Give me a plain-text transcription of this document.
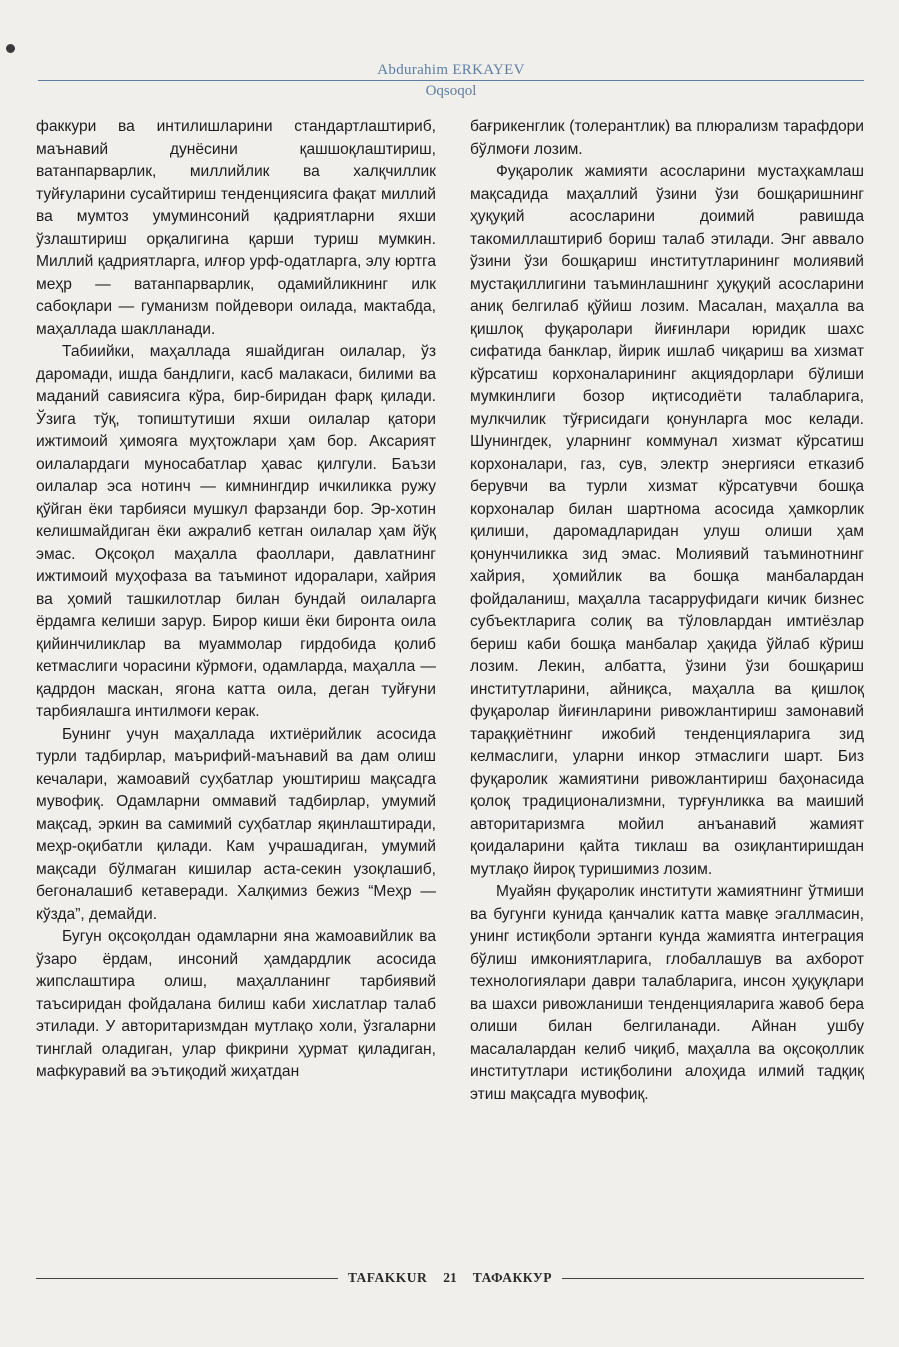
Abdurahim ERKAYEV
Oqsoqol

факкури ва интилишларини стандартлаштириб, маънавий дунёсини қашшоқлаштириш, ватанпарварлик, миллийлик ва халқчиллик туйғуларини сусайтириш тенденциясига фақат миллий ва мумтоз умуминсоний қадриятларни яхши ўзлаштириш орқалигина қарши туриш мумкин. Миллий қадриятларга, илғор урф-одатларга, элу юртга меҳр — ватанпарварлик, одамийликнинг илк сабоқлари — гуманизм пойдевори оилада, мактабда, маҳаллада шаклланади.

Табиийки, маҳаллада яшайдиган оилалар, ўз даромади, ишда бандлиги, касб малакаси, билими ва маданий савиясига кўра, бир-биридан фарқ қилади. Ўзига тўқ, топиштутиши яхши оилалар қатори ижтимоий ҳимояга муҳтожлари ҳам бор. Аксарият оилалардаги муносабатлар ҳавас қилгули. Баъзи оилалар эса нотинч — кимнингдир ичкиликка ружу қўйган ёки тарбияси мушкул фарзанди бор. Эр-хотин келишмайдиган ёки ажралиб кетган оилалар ҳам йўқ эмас. Оқсоқол маҳалла фаоллари, давлатнинг ижтимоий муҳофаза ва таъминот идоралари, хайрия ва ҳомий ташкилотлар билан бундай оилаларга ёрдамга келиши зарур. Бирор киши ёки биронта оила қийинчиликлар ва муаммолар гирдобида қолиб кетмаслиги чорасини кўрмоғи, одамларда, маҳалла — қадрдон маскан, ягона катта оила, деган туйғуни тарбиялашга интилмоғи керак.

Бунинг учун маҳаллада ихтиёрийлик асосида турли тадбирлар, маърифий-маънавий ва дам олиш кечалари, жамоавий суҳбатлар уюштириш мақсадга мувофиқ. Одамларни оммавий тадбирлар, умумий мақсад, эркин ва самимий суҳбатлар яқинлаштиради, меҳр-оқибатли қилади. Кам учрашадиган, умумий мақсади бўлмаган кишилар аста-секин узоқлашиб, бегоналашиб кетаверади. Халқимиз бежиз “Меҳр — кўзда”, демайди.

Бугун оқсоқолдан одамларни яна жамоавийлик ва ўзаро ёрдам, инсоний ҳамдардлик асосида жипслаштира олиш, маҳалланинг тарбиявий таъсиридан фойдалана билиш каби хислатлар талаб этилади. У авторитаризмдан мутлақо холи, ўзгаларни тинглай оладиган, улар фикрини ҳурмат қиладиган, мафкуравий ва эътиқодий жиҳатдан

бағрикенглик (толерантлик) ва плюрализм тарафдори бўлмоғи лозим.

Фуқаролик жамияти асосларини мустаҳкамлаш мақсадида маҳаллий ўзини ўзи бошқаришнинг ҳуқуқий асосларини доимий равишда такомиллаштириб бориш талаб этилади. Энг аввало ўзини ўзи бошқариш институтларининг молиявий мустақиллигини таъминлашнинг ҳуқуқий асосларини аниқ белгилаб қўйиш лозим. Масалан, маҳалла ва қишлоқ фуқаролари йиғинлари юридик шахс сифатида банклар, йирик ишлаб чиқариш ва хизмат кўрсатиш корхоналарининг акциядорлари бўлиши мумкинлиги бозор иқтисодиёти талабларига, мулкчилик тўғрисидаги қонунларга мос келади. Шунингдек, уларнинг коммунал хизмат кўрсатиш корхоналари, газ, сув, электр энергияси етказиб берувчи ва турли хизмат кўрсатувчи бошқа корхоналар билан шартнома асосида ҳамкорлик қилиши, даромадларидан улуш олиши ҳам қонунчиликка зид эмас. Молиявий таъминотнинг хайрия, ҳомийлик ва бошқа манбалардан фойдаланиш, маҳалла тасарруфидаги кичик бизнес субъектларига солиқ ва тўловлардан имтиёзлар бериш каби бошқа манбалар ҳақида ўйлаб кўриш лозим. Лекин, албатта, ўзини ўзи бошқариш институтларини, айниқса, маҳалла ва қишлоқ фуқаролар йиғинларини ривожлантириш замонавий тараққиётнинг ижобий тенденцияларига зид келмаслиги, уларни инкор этмаслиги шарт. Биз фуқаролик жамиятини ривожлантириш баҳонасида қолоқ традиционализмни, турғунликка ва маиший авторитаризмга мойил анъанавий жамият қоидаларини қайта тиклаш ва озиқлантиришдан мутлақо йироқ туришимиз лозим.

Муайян фуқаролик институти жамиятнинг ўтмиши ва бугунги кунида қанчалик катта мавқе эгаллмасин, унинг истиқболи эртанги кунда жамиятга интеграция бўлиш имкониятларига, глобаллашув ва ахборот технологиялари даври талабларига, инсон ҳуқуқлари ва шахси ривожланиши тенденцияларига жавоб бера олиши билан белгиланади. Айнан ушбу масалалардан келиб чиқиб, маҳалла ва оқсоқоллик институтлари истиқболини алоҳида илмий тадқиқ этиш мақсадга мувофиқ.

TAFAKKUR	21	ТАФАККУР
